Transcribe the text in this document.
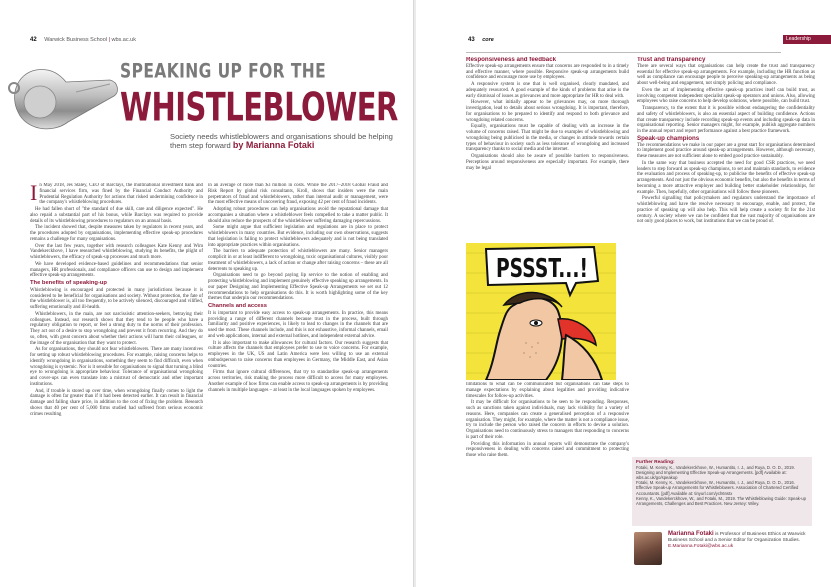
42 Warwick Business School | wbs.ac.uk
SPEAKING UP FOR THE
WHISTLEBLOWER
Society needs whistleblowers and organisations should be helping them step forward by Marianna Fotaki

In May 2018, Jes Staley, CEO of Barclays, the multinational investment bank and financial services firm, was fined by the Financial Conduct Authority and Prudential Regulation Authority for actions that risked undermining confidence in the company's whistleblowing procedures.

He had fallen short of "the standard of due skill, care and diligence expected". He also repaid a substantial part of his bonus, while Barclays was required to provide details of its whistleblowing procedures to regulators on an annual basis.

The incident showed that, despite measures taken by regulators in recent years, and the procedures adopted by organisations, implementing effective speak-up procedures remains a challenge for many organisations.

Over the last few years, together with research colleagues Kate Kenny and Wim Vandekerckhove, I have researched whistleblowing, studying its benefits, the plight of whistleblowers, the efficacy of speak-up processes and much more.

We have developed evidence-based guidelines and recommendations that senior managers, HR professionals, and compliance officers can use to design and implement effective speak-up arrangements.

The benefits of speaking-up

Whistleblowing is encouraged and protected in many jurisdictions because it is considered to be beneficial for organisations and society. Without protection, the fate of the whistleblower is, all too frequently, to be actively silenced, discouraged and vilified, suffering emotionally and ill-health.

Whistleblowers, in the main, are not narcissistic attention-seekers, betraying their colleagues. Instead, our research shows that they tend to be people who have a regulatory obligation to report, or feel a strong duty to the norms of their profession. They act out of a desire to stop wrongdoing and prevent it from recurring. And they do so, often, with great concern about whether their actions will harm their colleagues, or the image of the organisation that they want to protect.

As for organisations, they should not fear whistleblowers. There are many incentives for setting up robust whistleblowing procedures. For example, raising concerns helps to identify wrongdoing in organisations, something they seem to find difficult, even when wrongdoing is systemic. Nor is it sensible for organisations to signal that turning a blind eye to wrongdoing is appropriate behaviour. Tolerance of organisational wrongdoing and cover-ups can even translate into a mistrust of democratic and other important institutions.

And, if trouble is stored up over time, when wrongdoing finally comes to light the damage is often far greater than if it had been detected earlier. It can result in financial damage and falling share price, in addition to the cost of fixing the problem. Research shows that 40 per cent of 5,000 firms studied had suffered from serious economic crimes resulting

in an average of more than $3 million in costs. While the 2017–2018 Global Fraud and Risk Report by global risk consultants, Kroll, shows that insiders were the main perpetrators of fraud and whistleblowers, rather than internal audit or management, were the most effective means of uncovering fraud, exposing 42 per cent of fraud incidents.

Adopting robust procedures can help organisations avoid the reputational damage that accompanies a situation where a whistleblower feels compelled to take a matter public. It should also reduce the prospects of the whistleblower suffering damaging repercussions.

Some might argue that sufficient legislation and regulations are in place to protect whistleblowers in many countries. But evidence, including our own observations, suggests that legislation is failing to protect whistleblowers adequately and is not being translated into appropriate practices within organisations.

The barriers to adequate protection of whistleblowers are many. Senior managers complicit in or at least indifferent to wrongdoing, toxic organisational cultures, visibly poor treatment of whistleblowers, a lack of action or change after raising concerns – these are all deterrents to speaking up.

Organisations need to go beyond paying lip service to the notion of enabling and protecting whistleblowing and implement genuinely effective speaking up arrangements. In our paper Designing and Implementing Effective Speak-up Arrangements we set out 12 recommendations to help organisations do this. It is worth highlighting some of the key themes that underpin our recommendations.

Channels and access

It is important to provide easy access to speak-up arrangements. In practice, this means providing a range of different channels because trust in the process, built through familiarity and positive experiences, is likely to lead to changes in the channels that are used the most. These channels include, and this is not exhaustive, informal channels, email and web applications, internal and external hotlines, and independent external advice.

It is also important to make allowances for cultural factors. Our research suggests that culture affects the channels that employees prefer to use to voice concerns. For example, employees in the UK, US and Latin America were less willing to use an external ombudsperson to raise concerns than employees in Germany, the Middle East, and Asian countries.

Firms that ignore cultural differences, that try to standardise speak-up arrangements across territories, risk making the process more difficult to access for many employees. Another example of how firms can enable access to speak-up arrangements is by providing channels in multiple languages – at least in the local languages spoken by employees.

43 core	Leadership
Responsiveness and feedback

Effective speak-up arrangements ensure that concerns are responded to in a timely and effective manner, where possible. Responsive speak-up arrangements build confidence and encourage more use by employees.

A responsive system is one that is well organised, clearly mandated, and adequately resourced. A good example of the kinds of problems that arise is the early dismissal of issues as grievances and more appropriate for HR to deal with.

However, what initially appear to be grievances may, on more thorough investigation, lead to details about serious wrongdoing. It is important, therefore, for organisations to be prepared to identify and respond to both grievance and wrongdoing related concerns.

Equally, organisations must be capable of dealing with an increase in the volume of concerns raised. That might be due to examples of whistleblowing and wrongdoing being publicised in the media, or changes in attitude towards certain types of behaviour in society such as less tolerance of wrongdoing and increased transparency thanks to social media and the internet.

Organisations should also be aware of possible barriers to responsiveness. Perceptions around responsiveness are especially important. For example, there may be legal

PSSST...!

limitations to what can be communicated but organisations can take steps to manage expectations by explaining about legalities and providing indicative timescales for follow-up activities.

It may be difficult for organisations to be seen to be responding. Responses, such as sanctions taken against individuals, may lack visibility for a variety of reasons. Here, companies can create a generalised perception of a responsive organisation. They might, for example, where the matter is not a compliance issue, try to include the person who raised the concern in efforts to devise a solution. Organisations need to continuously stress to managers that responding to concerns is part of their role.

Providing this information in annual reports will demonstrate the company's responsiveness in dealing with concerns raised and commitment to protecting those who raise them.

Trust and transparency

There are several ways that organisations can help create the trust and transparency essential for effective speak-up arrangements. For example, including the HR function as well as compliance can encourage people to perceive speaking-up arrangements as being about well-being and engagement, not simply policing and compliance.

Even the act of implementing effective speak-up practices itself can build trust, as involving competent independent specialist speak-up operators and unions. Also, allowing employees who raise concerns to help develop solutions, where possible, can build trust.

Transparency, to the extent that it is possible without endangering the confidentiality and safety of whistleblowers, is also an essential aspect of building confidence. Actions that create transparency include recording speak-up events and including speak-up data in organisational reporting. Senior managers might, for example, publish aggregate numbers in the annual report and report performance against a best practice framework.

Speak-up champions

The recommendations we make in our paper are a great start for organisations determined to implement good practice around speak-up arrangements. However, although necessary, these measures are not sufficient alone to embed good practice sustainably.

In the same way that business accepted the need for good CSR practices, we need leaders to step forward as speak-up champions, to set and maintain standards, to evidence the evaluation and process of speaking-up, to publicise the benefits of effective speak-up arrangements. And not just the obvious economic benefits, but also the benefits in terms of becoming a more attractive employer and building better stakeholder relationships, for example. Then, hopefully, other organisations will follow these pioneers.

Powerful signalling that policymakers and regulators understand the importance of whistleblowing and have the resolve necessary to encourage, enable, and protect, the practice of speaking up will also help. This will help create a society fit for the 21st century. A society where we can be confident that the vast majority of organisations are not only good places to work, but institutions that we can be proud of.

Further Reading:
Fotaki, M. Kenny, K., Vandekerckhove, W., Humantito, I. J., and Ruya, D. O. D., 2019. Designing and Implementing Effective Speak-up Arrangements. [pdf] Available at: wbs.ac.uk/go/speakup
Fotaki, M. Kenny, K., Vandekerckhove, W., Humantito, I. J., and Ruya, D. O. D., 2016. Effective Speak-up Arrangements for Whistleblowers. Association of Chartered Certified Accountants. [pdf] Available at: tinyurl.com/ych6nstx
Kenny, K., Vandekerckhove, W., and Fotaki, M., 2019. The Whistleblowing Guide: Speak-up Arrangements, Challenges and Best Practices. New Jersey: Wiley.
Marianna Fotaki is Professor of Business Ethics at Warwick Business School and a Senior Editor for Organization Studies.
E.Marianna.Fotaki@wbs.ac.uk
